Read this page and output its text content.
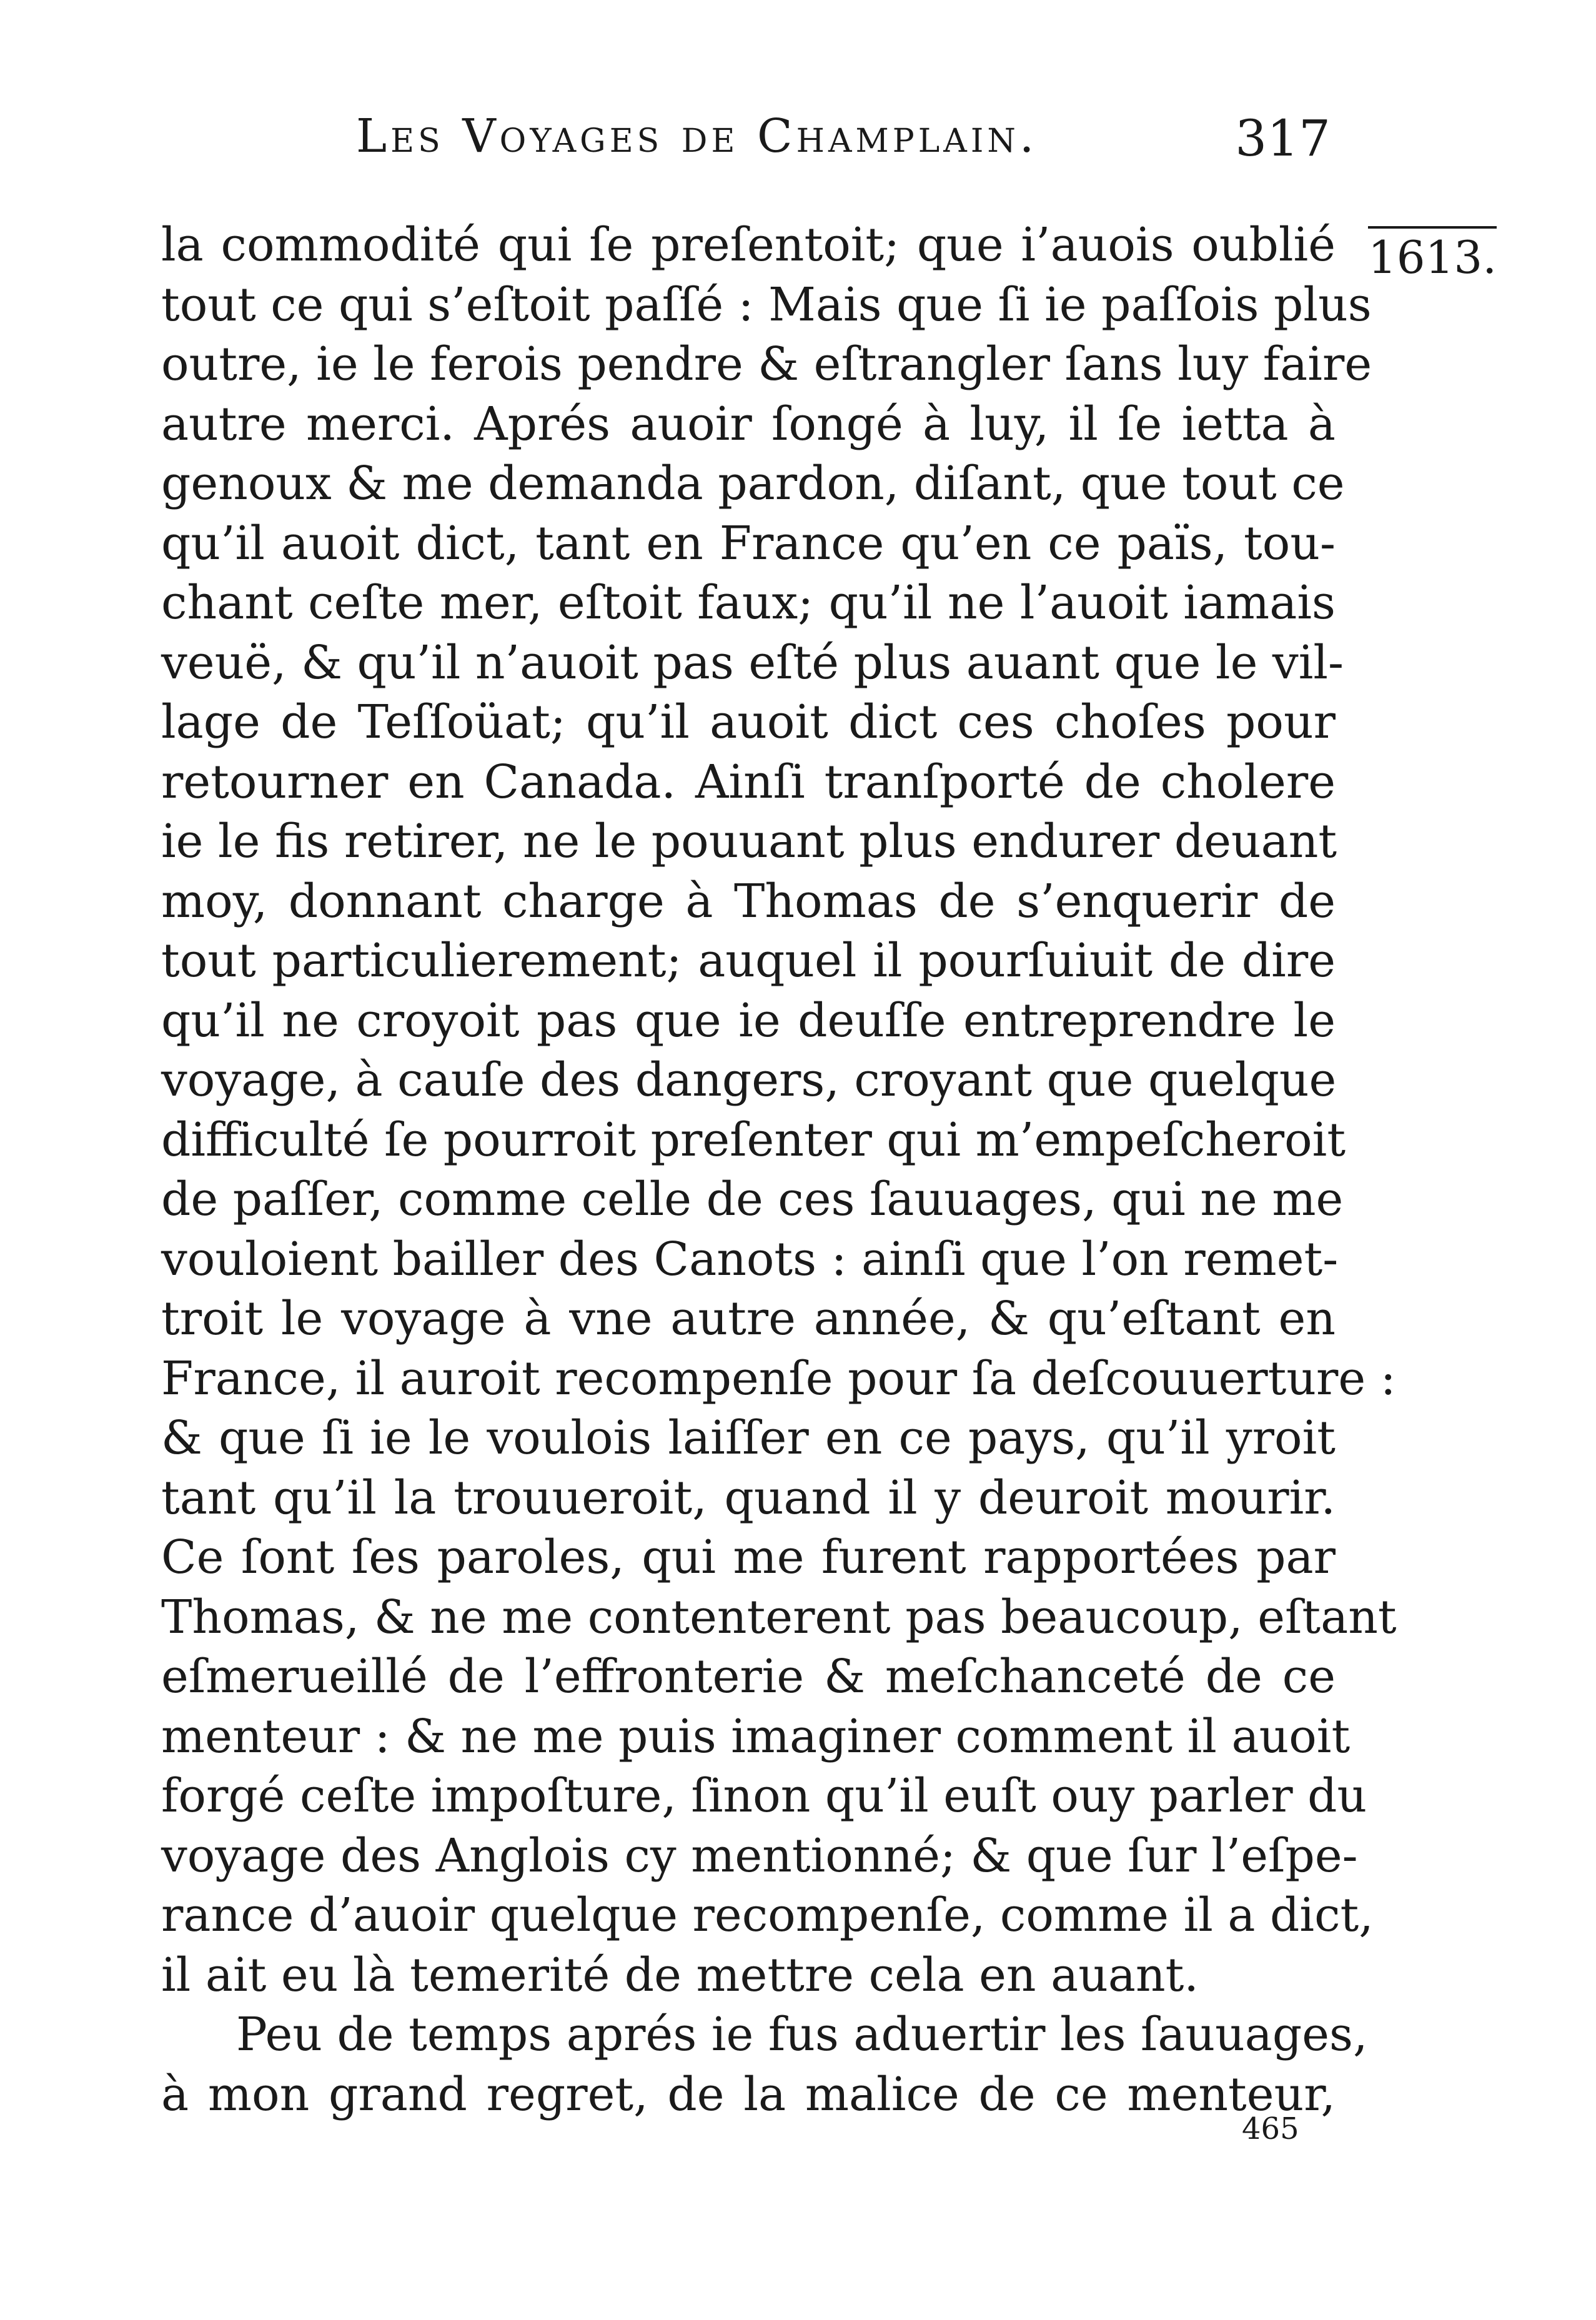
Les Voyages de Champlain.	317
1613.
la commodité qui ſe preſentoit; que i’auois oublié
tout ce qui s’eſtoit paſſé : Mais que ſi ie paſſois plus
outre, ie le ferois pendre & eſtrangler ſans luy faire
autre merci. Aprés auoir ſongé à luy, il ſe ietta à
genoux & me demanda pardon, diſant, que tout ce
qu’il auoit dict, tant en France qu’en ce païs, tou-
chant ceſte mer, eſtoit faux; qu’il ne l’auoit iamais
veuë, & qu’il n’auoit pas eſté plus auant que le vil-
lage de Teſſoüat; qu’il auoit dict ces choſes pour
retourner en Canada. Ainſi tranſporté de cholere
ie le fis retirer, ne le pouuant plus endurer deuant
moy, donnant charge à Thomas de s’enquerir de
tout particulierement; auquel il pourſuiuit de dire
qu’il ne croyoit pas que ie deuſſe entreprendre le
voyage, à cauſe des dangers, croyant que quelque
difficulté ſe pourroit preſenter qui m’empeſcheroit
de paſſer, comme celle de ces ſauuages, qui ne me
vouloient bailler des Canots : ainſi que l’on remet-
troit le voyage à vne autre année, & qu’eſtant en
France, il auroit recompenſe pour ſa deſcouuerture :
& que ſi ie le voulois laiſſer en ce pays, qu’il yroit
tant qu’il la trouueroit, quand il y deuroit mourir.
Ce ſont ſes paroles, qui me furent rapportées par
Thomas, & ne me contenterent pas beaucoup, eſtant
eſmerueillé de l’effronterie & meſchanceté de ce
menteur : & ne me puis imaginer comment il auoit
forgé ceſte impoſture, ſinon qu’il euſt ouy parler du
voyage des Anglois cy mentionné; & que ſur l’eſpe-
rance d’auoir quelque recompenſe, comme il a dict,
il ait eu là temerité de mettre cela en auant.
Peu de temps aprés ie fus aduertir les ſauuages,
à mon grand regret, de la malice de ce menteur,
465
